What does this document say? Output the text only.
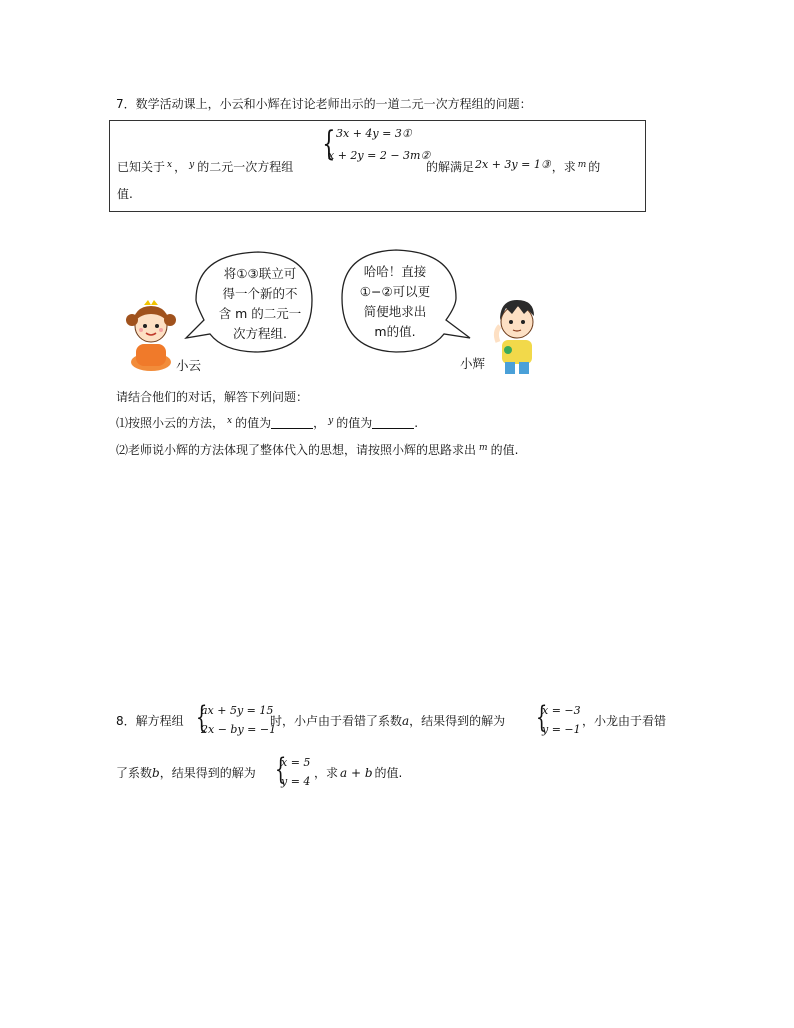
7．数学活动课上，小云和小辉在讨论老师出示的一道二元一次方程组的问题：
已知关于 $^x$ ， $^y$ 的二元一次方程组
{ 3x + 4y = 3①
x + 2y = 2 − 3m②
的解满足2x + 3y = 1③，求 $^m$ 的
值.
小云
将①③联立可
得一个新的不
含 m 的二元一
次方程组.
哈哈！直接
①−②可以更
简便地求出
m的值.
小辉
请结合他们的对话，解答下列问题：
⑴按照小云的方法， $^x$ 的值为	， $^y$ 的值为	.
⑵老师说小辉的方法体现了整体代入的思想，请按照小辉的思路求出 $^m$ 的值.
8．解方程组 {
ax + 5y = 15
2x − by = −1
时，小卢由于看错了系数a，结果得到的解为 {
x = −3
y = −1
，小龙由于看错
了系数b，结果得到的解为 {
x = 5
y = 4
，求 a + b 的值.
